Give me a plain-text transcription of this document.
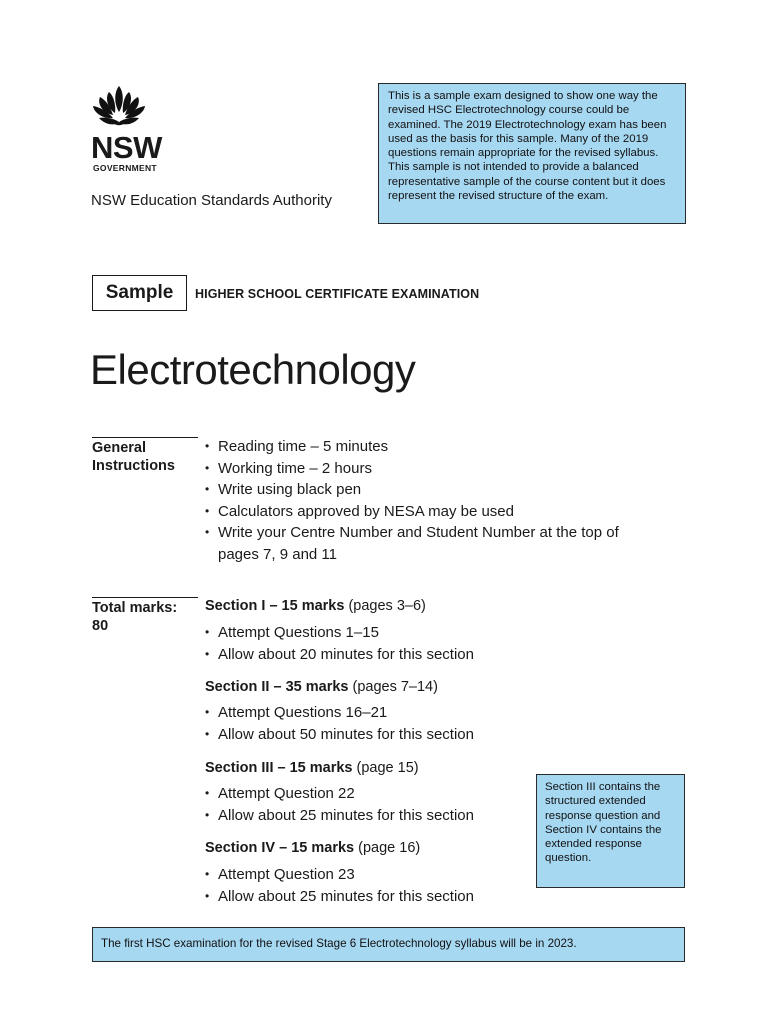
NSW
GOVERNMENT
NSW Education Standards Authority
This is a sample exam designed to show one way the revised HSC Electrotechnology course could be examined. The 2019 Electrotechnology exam has been used as the basis for this sample. Many of the 2019 questions remain appropriate for the revised syllabus. This sample is not intended to provide a balanced representative sample of the course content but it does represent the revised structure of the exam.
Sample	HIGHER SCHOOL CERTIFICATE EXAMINATION
Electrotechnology
General
Instructions
• Reading time – 5 minutes
• Working time – 2 hours
• Write using black pen
• Calculators approved by NESA may be used
• Write your Centre Number and Student Number at the top of pages 7, 9 and 11
Total marks:
80
Section I – 15 marks (pages 3–6)
• Attempt Questions 1–15
• Allow about 20 minutes for this section
Section II – 35 marks (pages 7–14)
• Attempt Questions 16–21
• Allow about 50 minutes for this section
Section III – 15 marks (page 15)
• Attempt Question 22
• Allow about 25 minutes for this section
Section IV – 15 marks (page 16)
• Attempt Question 23
• Allow about 25 minutes for this section
Section III contains the structured extended response question and Section IV contains the extended response question.
The first HSC examination for the revised Stage 6 Electrotechnology syllabus will be in 2023.
